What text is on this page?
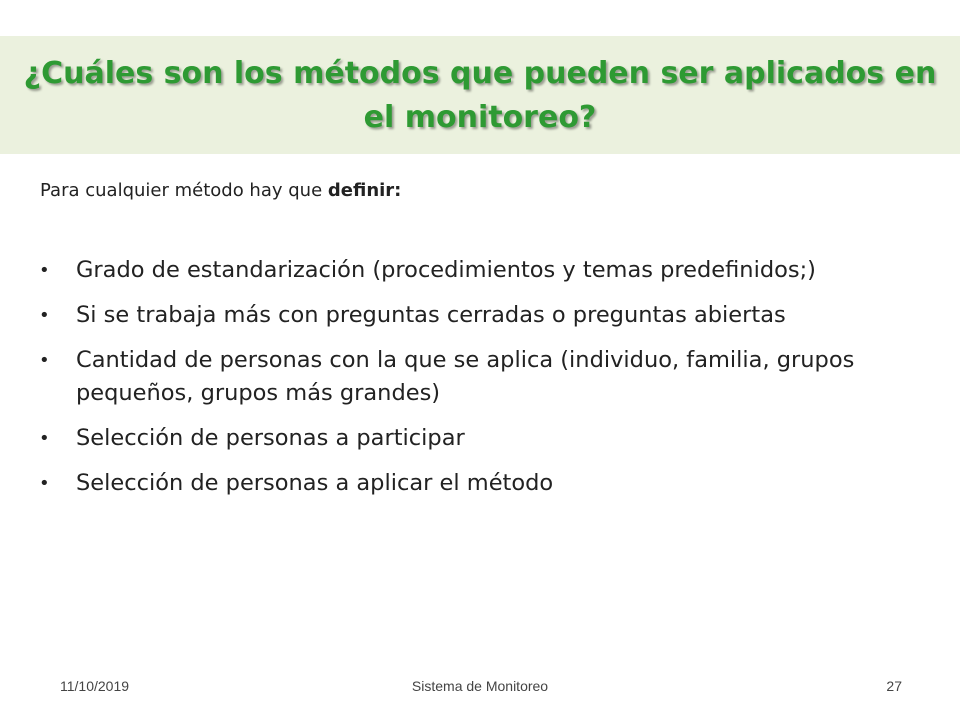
¿Cuáles son los métodos que pueden ser aplicados en el monitoreo?

Para cualquier método hay que definir:

• Grado de estandarización (procedimientos y temas predefinidos;)
• Si se trabaja más con preguntas cerradas o preguntas abiertas
• Cantidad de personas con la que se aplica (individuo, familia, grupos pequeños, grupos más grandes)
• Selección de personas a participar
• Selección de personas a aplicar el método
11/10/2019	Sistema de Monitoreo	27
